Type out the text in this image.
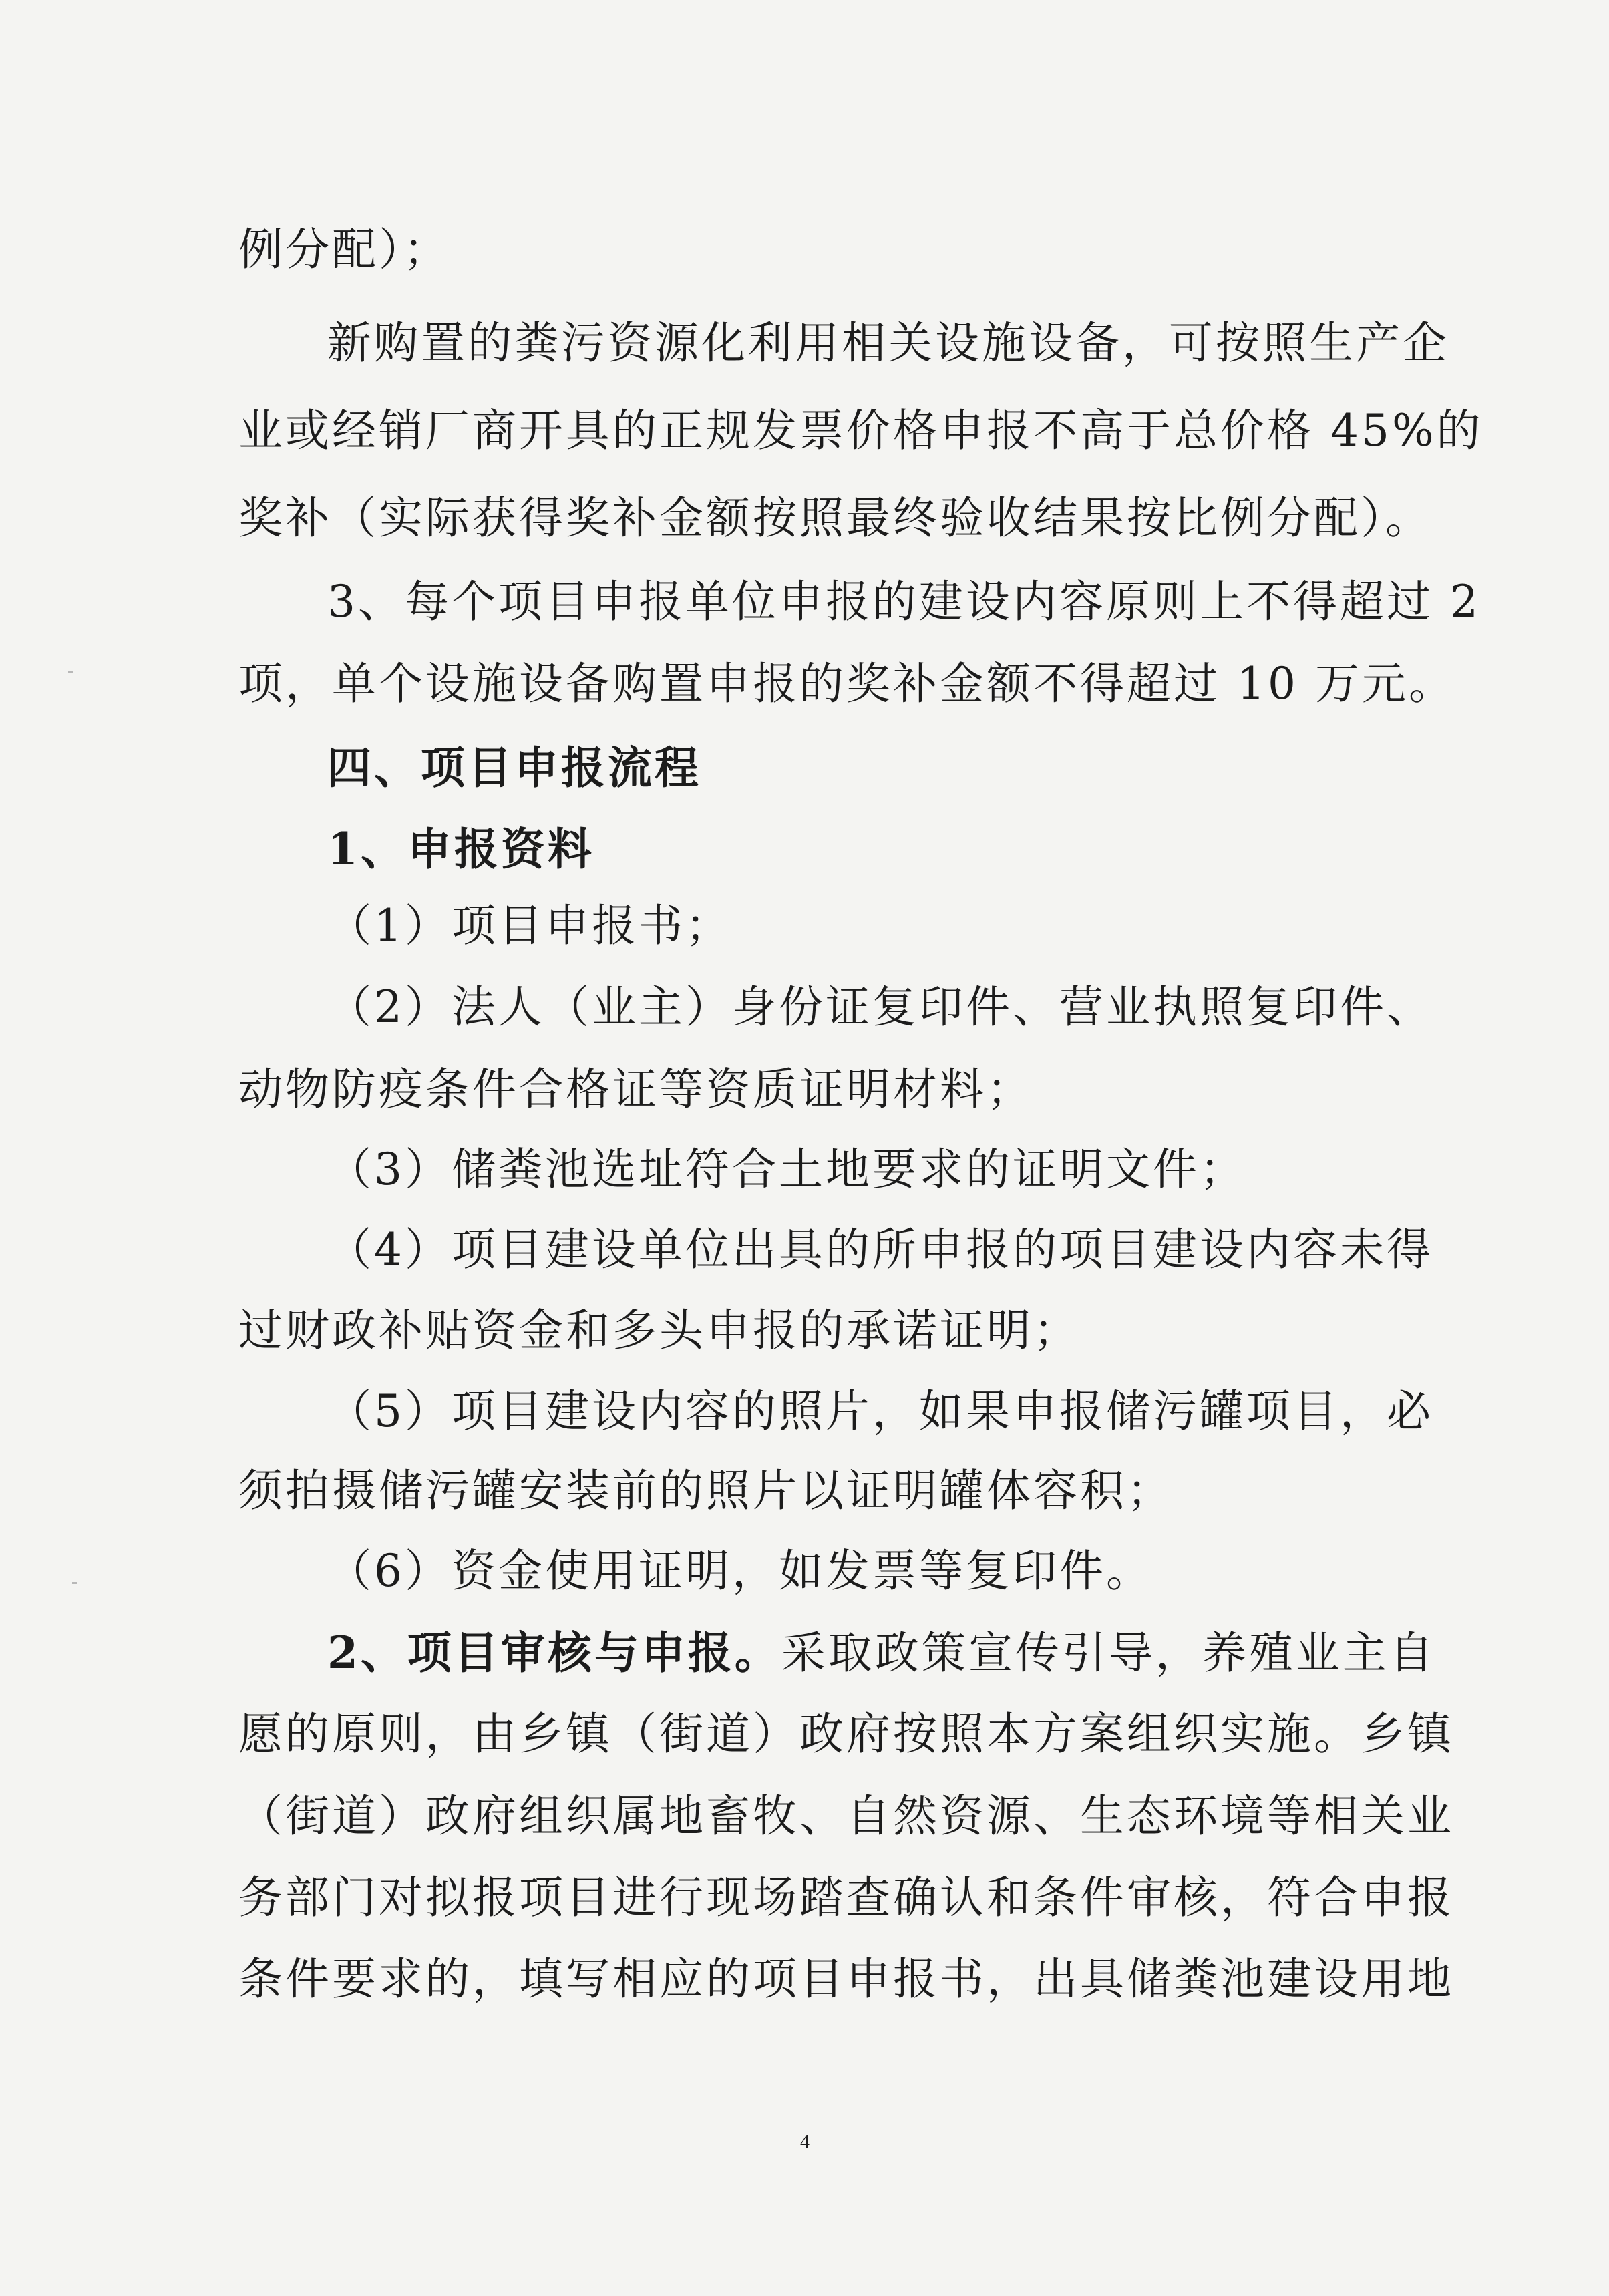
例分配）；
新购置的粪污资源化利用相关设施设备，可按照生产企
业或经销厂商开具的正规发票价格申报不高于总价格 45%的
奖补（实际获得奖补金额按照最终验收结果按比例分配）。
3、每个项目申报单位申报的建设内容原则上不得超过 2
项，单个设施设备购置申报的奖补金额不得超过 10 万元。
四、项目申报流程
1、申报资料
（1）项目申报书；
（2）法人（业主）身份证复印件、营业执照复印件、
动物防疫条件合格证等资质证明材料；
（3）储粪池选址符合土地要求的证明文件；
（4）项目建设单位出具的所申报的项目建设内容未得
过财政补贴资金和多头申报的承诺证明；
（5）项目建设内容的照片，如果申报储污罐项目，必
须拍摄储污罐安装前的照片以证明罐体容积；
（6）资金使用证明，如发票等复印件。
2、项目审核与申报。采取政策宣传引导，养殖业主自
愿的原则，由乡镇（街道）政府按照本方案组织实施。乡镇
（街道）政府组织属地畜牧、自然资源、生态环境等相关业
务部门对拟报项目进行现场踏查确认和条件审核，符合申报
条件要求的，填写相应的项目申报书，出具储粪池建设用地
4
